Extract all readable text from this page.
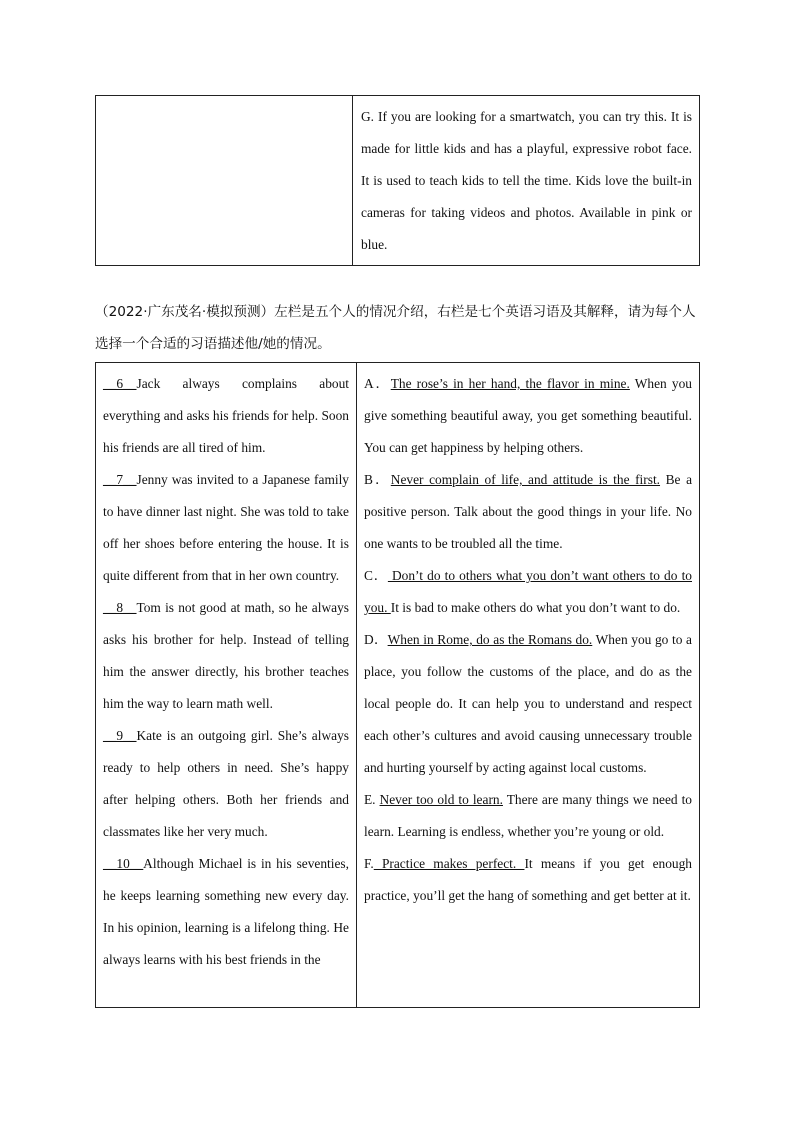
G. If you are looking for a smartwatch, you can try this. It is made for little kids and has a playful, expressive robot face. It is used to teach kids to tell the time. Kids love the built-in cameras for taking videos and photos. Available in pink or blue.
（2022·广东茂名·模拟预测）左栏是五个人的情况介绍，右栏是七个英语习语及其解释，请为每个人选择一个合适的习语描述他/她的情况。

__6__Jack always complains about everything and asks his friends for help. Soon his friends are all tired of him.

__7__Jenny was invited to a Japanese family to have dinner last night. She was told to take off her shoes before entering the house. It is quite different from that in her own country.

__8__Tom is not good at math, so he always asks his brother for help. Instead of telling him the answer directly, his brother teaches him the way to learn math well.

__9__Kate is an outgoing girl. She’s always ready to help others in need. She’s happy after helping others. Both her friends and classmates like her very much.

__10__Although Michael is in his seventies, he keeps learning something new every day. In his opinion, learning is a lifelong thing. He always learns with his best friends in the

A．The rose’s in her hand, the flavor in mine. When you give something beautiful away, you get something beautiful. You can get happiness by helping others.

B．Never complain of life, and attitude is the first. Be a positive person. Talk about the good things in your life. No one wants to be troubled all the time.

C． Don’t do to others what you don’t want others to do to you. It is bad to make others do what you don’t want to do.

D．When in Rome, do as the Romans do. When you go to a place, you follow the customs of the place, and do as the local people do. It can help you to understand and respect each other’s cultures and avoid causing unnecessary trouble and hurting yourself by acting against local customs.

E. Never too old to learn. There are many things we need to learn. Learning is endless, whether you’re young or old.

F. Practice makes perfect. It means if you get enough practice, you’ll get the hang of something and get better at it.
